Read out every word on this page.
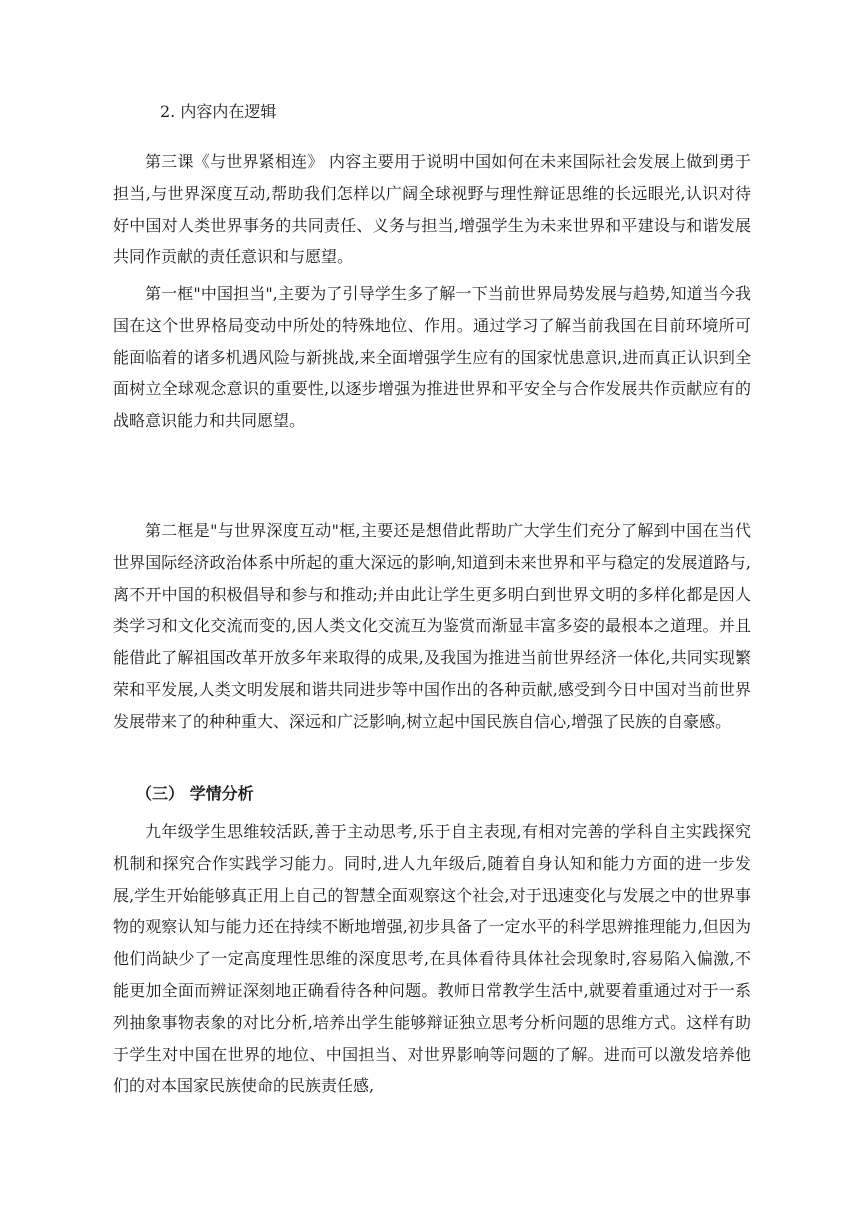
2. 内容内在逻辑

第三课《与世界紧相连》 内容主要用于说明中国如何在未来国际社会发展上做到勇于担当,与世界深度互动,帮助我们怎样以广阔全球视野与理性辩证思维的长远眼光,认识对待好中国对人类世界事务的共同责任、义务与担当,增强学生为未来世界和平建设与和谐发展共同作贡献的责任意识和与愿望。

第一框"中国担当",主要为了引导学生多了解一下当前世界局势发展与趋势,知道当今我国在这个世界格局变动中所处的特殊地位、作用。通过学习了解当前我国在目前环境所可能面临着的诸多机遇风险与新挑战,来全面增强学生应有的国家忧患意识,进而真正认识到全面树立全球观念意识的重要性,以逐步增强为推进世界和平安全与合作发展共作贡献应有的战略意识能力和共同愿望。

第二框是"与世界深度互动"框,主要还是想借此帮助广大学生们充分了解到中国在当代世界国际经济政治体系中所起的重大深远的影响,知道到未来世界和平与稳定的发展道路与,离不开中国的积极倡导和参与和推动;并由此让学生更多明白到世界文明的多样化都是因人类学习和文化交流而变的,因人类文化交流互为鉴赏而渐显丰富多姿的最根本之道理。并且能借此了解祖国改革开放多年来取得的成果,及我国为推进当前世界经济一体化,共同实现繁荣和平发展,人类文明发展和谐共同进步等中国作出的各种贡献,感受到今日中国对当前世界发展带来了的种种重大、深远和广泛影响,树立起中国民族自信心,增强了民族的自豪感。

（三） 学情分析

九年级学生思维较活跃,善于主动思考,乐于自主表现,有相对完善的学科自主实践探究机制和探究合作实践学习能力。同时,进人九年级后,随着自身认知和能力方面的进一步发展,学生开始能够真正用上自己的智慧全面观察这个社会,对于迅速变化与发展之中的世界事物的观察认知与能力还在持续不断地增强,初步具备了一定水平的科学思辨推理能力,但因为他们尚缺少了一定高度理性思维的深度思考,在具体看待具体社会现象时,容易陷入偏激,不能更加全面而辨证深刻地正确看待各种问题。教师日常教学生活中,就要着重通过对于一系列抽象事物表象的对比分析,培养出学生能够辩证独立思考分析问题的思维方式。这样有助于学生对中国在世界的地位、中国担当、对世界影响等问题的了解。进而可以激发培养他们的对本国家民族使命的民族责任感,
